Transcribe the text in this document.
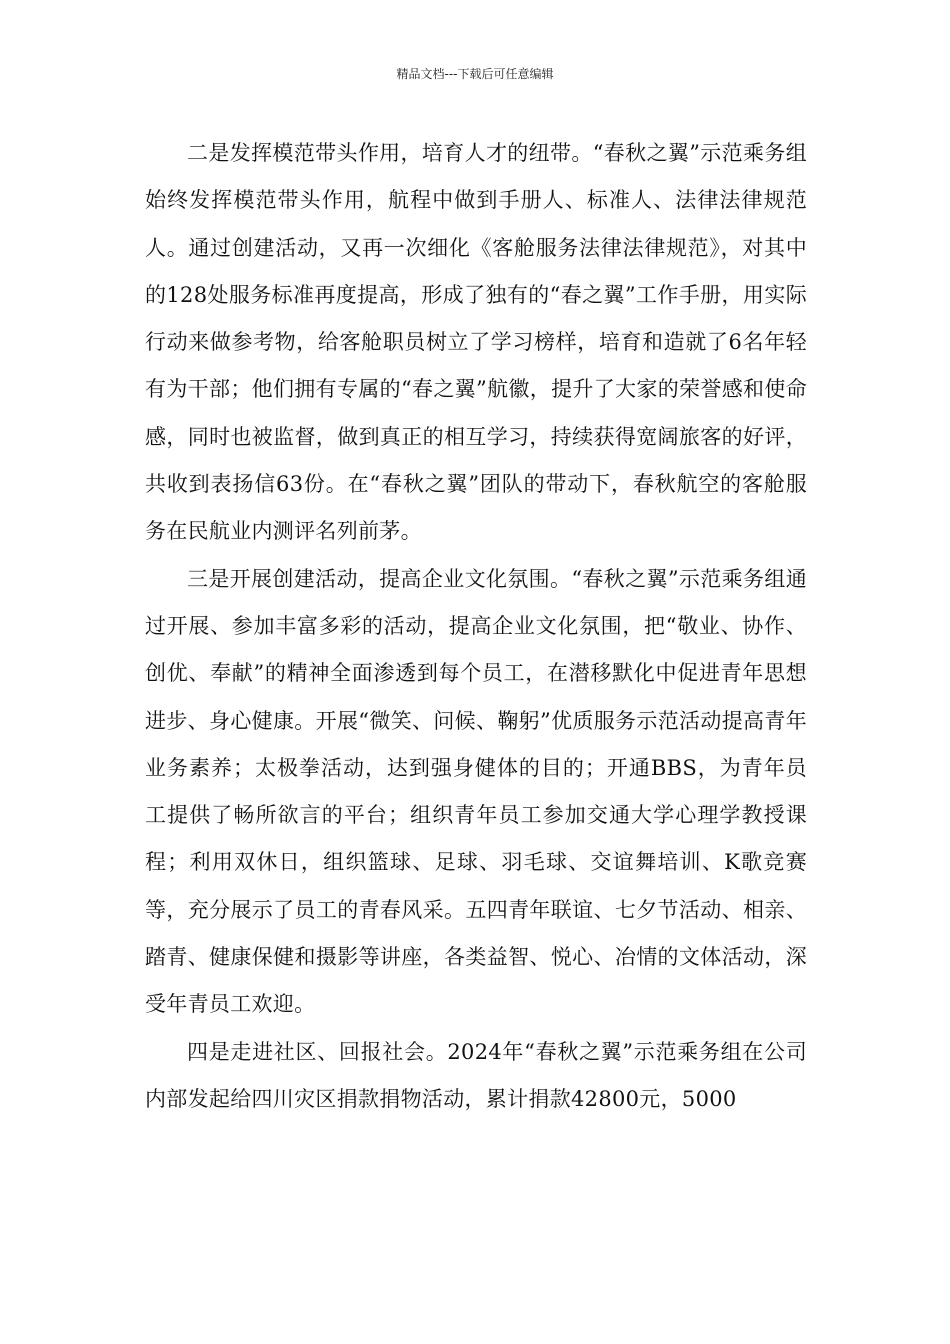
精品文档---下载后可任意编辑

二是发挥模范带头作用，培育人才的纽带。“春秋之翼”示范乘务组始终发挥模范带头作用，航程中做到手册人、标准人、法律法律规范人。通过创建活动，又再一次细化《客舱服务法律法律规范》，对其中的128处服务标准再度提高，形成了独有的“春之翼”工作手册，用实际行动来做参考物，给客舱职员树立了学习榜样，培育和造就了6名年轻有为干部；他们拥有专属的“春之翼”航徽，提升了大家的荣誉感和使命感，同时也被监督，做到真正的相互学习，持续获得宽阔旅客的好评，共收到表扬信63份。在“春秋之翼”团队的带动下，春秋航空的客舱服务在民航业内测评名列前茅。

三是开展创建活动，提高企业文化氛围。“春秋之翼”示范乘务组通过开展、参加丰富多彩的活动，提高企业文化氛围，把“敬业、协作、创优、奉献”的精神全面渗透到每个员工，在潜移默化中促进青年思想进步、身心健康。开展“微笑、问候、鞠躬”优质服务示范活动提高青年业务素养；太极拳活动，达到强身健体的目的；开通BBS，为青年员工提供了畅所欲言的平台；组织青年员工参加交通大学心理学教授课程；利用双休日，组织篮球、足球、羽毛球、交谊舞培训、K歌竞赛等，充分展示了员工的青春风采。五四青年联谊、七夕节活动、相亲、踏青、健康保健和摄影等讲座，各类益智、悦心、冶情的文体活动，深受年青员工欢迎。

四是走进社区、回报社会。2024年“春秋之翼”示范乘务组在公司内部发起给四川灾区捐款捐物活动，累计捐款42800元，5000
